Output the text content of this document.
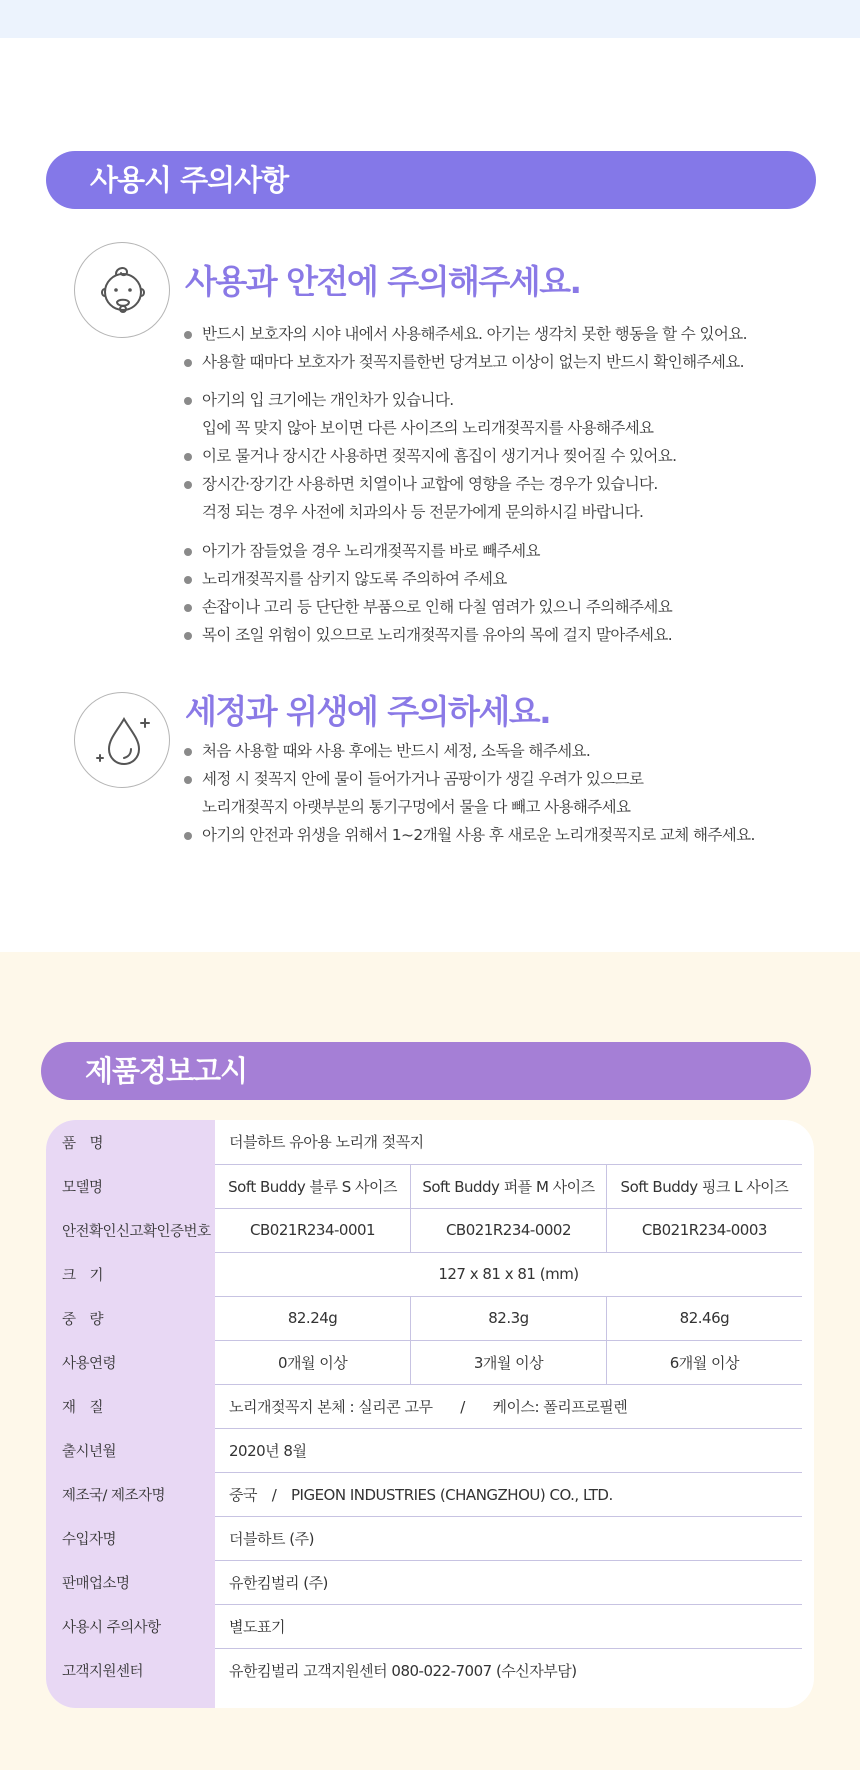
사용시 주의사항
사용과 안전에 주의해주세요.
반드시 보호자의 시야 내에서 사용해주세요. 아기는 생각치 못한 행동을 할 수 있어요.
사용할 때마다 보호자가 젖꼭지를한번 당겨보고 이상이 없는지 반드시 확인해주세요.
아기의 입 크기에는 개인차가 있습니다.
입에 꼭 맞지 않아 보이면 다른 사이즈의 노리개젖꼭지를 사용해주세요
이로 물거나 장시간 사용하면 젖꼭지에 흠집이 생기거나 찢어질 수 있어요.
장시간·장기간 사용하면 치열이나 교합에 영향을 주는 경우가 있습니다.
걱정 되는 경우 사전에 치과의사 등 전문가에게 문의하시길 바랍니다.
아기가 잠들었을 경우 노리개젖꼭지를 바로 빼주세요
노리개젖꼭지를 삼키지 않도록 주의하여 주세요
손잡이나 고리 등 단단한 부품으로 인해 다칠 염려가 있으니 주의해주세요
목이 조일 위험이 있으므로 노리개젖꼭지를 유아의 목에 걸지 말아주세요.
세정과 위생에 주의하세요.
처음 사용할 때와 사용 후에는 반드시 세정, 소독을 해주세요.
세정 시 젖꼭지 안에 물이 들어가거나 곰팡이가 생길 우려가 있으므로
노리개젖꼭지 아랫부분의 통기구멍에서 물을 다 빼고 사용해주세요
아기의 안전과 위생을 위해서 1~2개월 사용 후 새로운 노리개젖꼭지로 교체 해주세요.
제품정보고시
품　명	더블하트 유아용 노리개 젖꼭지		
모델명	Soft Buddy 블루 S 사이즈	Soft Buddy 퍼플 M 사이즈	Soft Buddy 핑크 L 사이즈
안전확인신고확인증번호	CB021R234-0001	CB021R234-0002	CB021R234-0003
크　기	127 x 81 x 81 (mm)		
중　량	82.24g	82.3g	82.46g
사용연령	0개월 이상	3개월 이상	6개월 이상
재　질	노리개젖꼭지 본체 : 실리콘 고무 / 케이스: 폴리프로필렌		
출시년월	2020년 8월		
제조국/ 제조자명	중국 / PIGEON INDUSTRIES (CHANGZHOU) CO., LTD.		
수입자명	더블하트 (주)		
판매업소명	유한킴벌리 (주)		
사용시 주의사항	별도표기		
고객지원센터	유한킴벌리 고객지원센터 080-022-7007 (수신자부담)		
